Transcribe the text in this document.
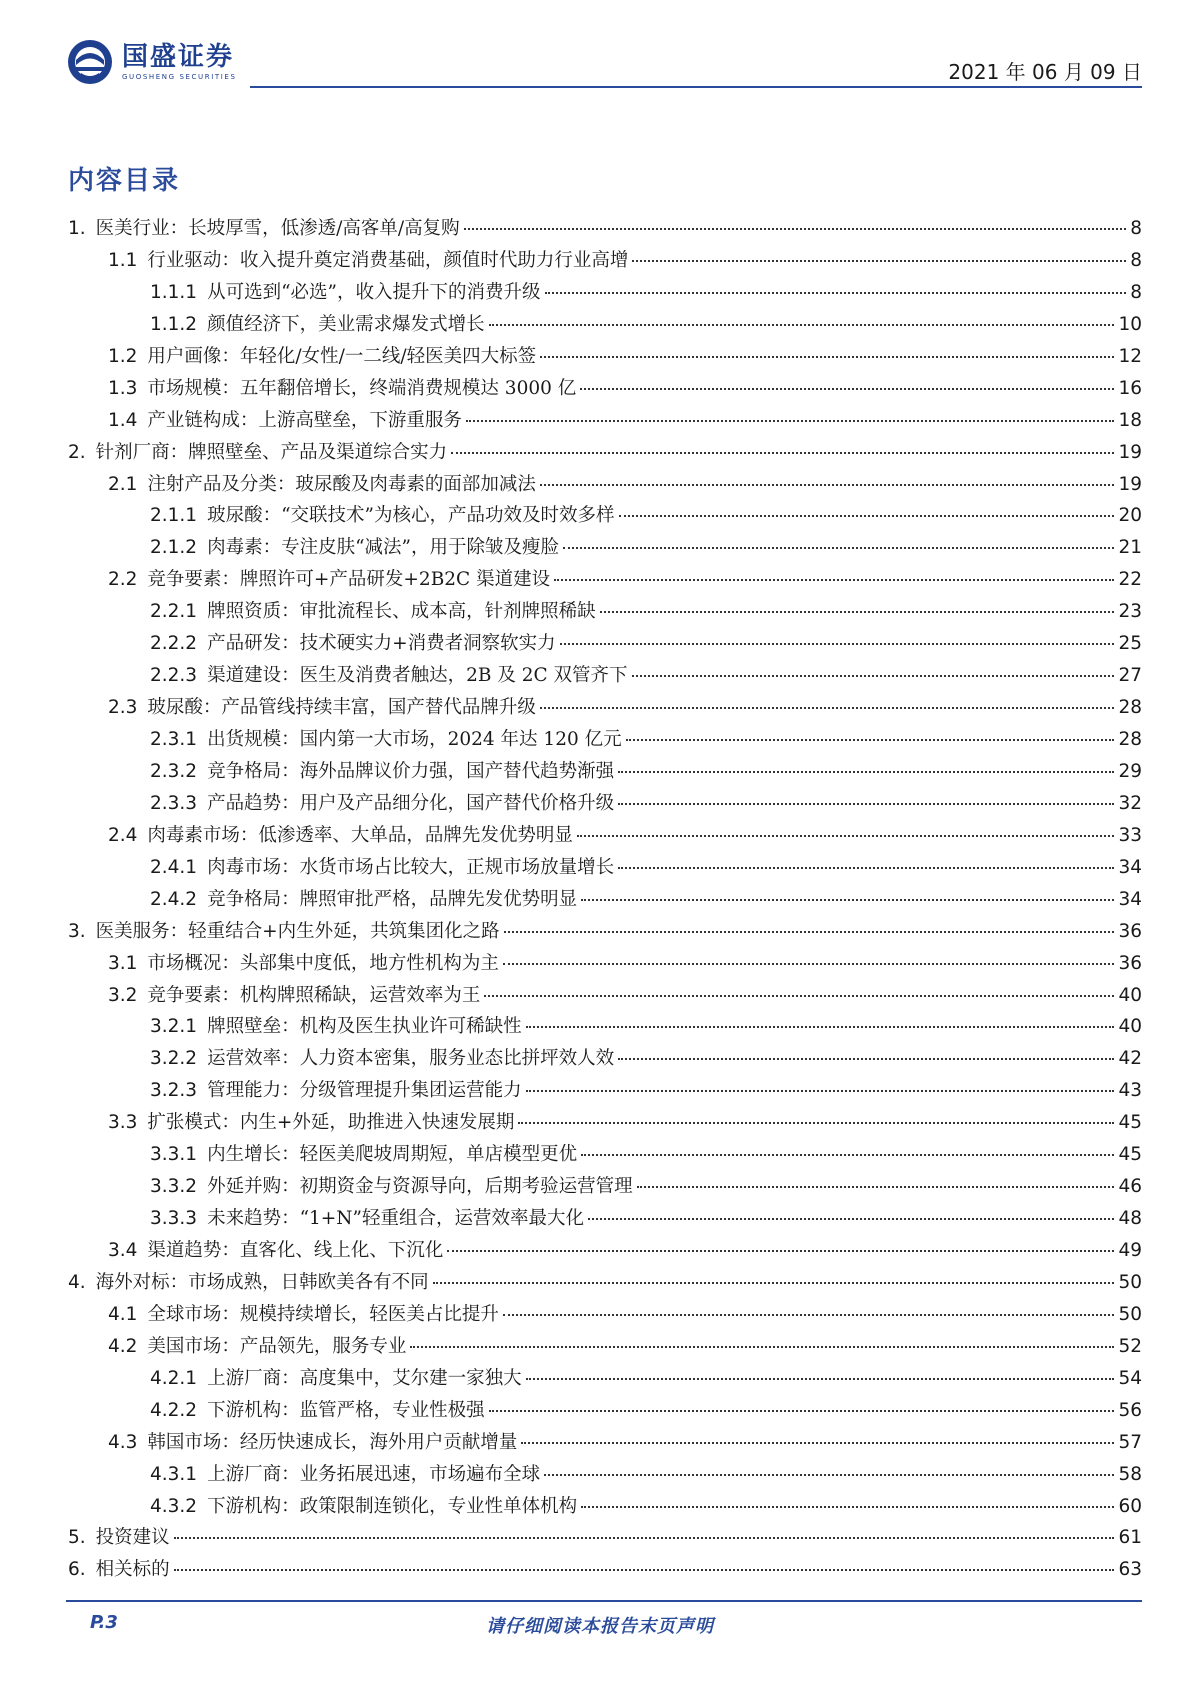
国盛证券
GUOSHENG SECURITIES	2021 年 06 月 09 日
内容目录
1. 医美行业：长坡厚雪，低渗透/高客单/高复购	8
1.1 行业驱动：收入提升奠定消费基础，颜值时代助力行业高增	8
1.1.1 从可选到“必选”，收入提升下的消费升级	8
1.1.2 颜值经济下，美业需求爆发式增长	10
1.2 用户画像：年轻化/女性/一二线/轻医美四大标签	12
1.3 市场规模：五年翻倍增长，终端消费规模达 3000 亿	16
1.4 产业链构成：上游高壁垒，下游重服务	18
2. 针剂厂商：牌照壁垒、产品及渠道综合实力	19
2.1 注射产品及分类：玻尿酸及肉毒素的面部加减法	19
2.1.1 玻尿酸：“交联技术”为核心，产品功效及时效多样	20
2.1.2 肉毒素：专注皮肤“减法”，用于除皱及瘦脸	21
2.2 竞争要素：牌照许可+产品研发+2B2C 渠道建设	22
2.2.1 牌照资质：审批流程长、成本高，针剂牌照稀缺	23
2.2.2 产品研发：技术硬实力+消费者洞察软实力	25
2.2.3 渠道建设：医生及消费者触达，2B 及 2C 双管齐下	27
2.3 玻尿酸：产品管线持续丰富，国产替代品牌升级	28
2.3.1 出货规模：国内第一大市场，2024 年达 120 亿元	28
2.3.2 竞争格局：海外品牌议价力强，国产替代趋势渐强	29
2.3.3 产品趋势：用户及产品细分化，国产替代价格升级	32
2.4 肉毒素市场：低渗透率、大单品，品牌先发优势明显	33
2.4.1 肉毒市场：水货市场占比较大，正规市场放量增长	34
2.4.2 竞争格局：牌照审批严格，品牌先发优势明显	34
3. 医美服务：轻重结合+内生外延，共筑集团化之路	36
3.1 市场概况：头部集中度低，地方性机构为主	36
3.2 竞争要素：机构牌照稀缺，运营效率为王	40
3.2.1 牌照壁垒：机构及医生执业许可稀缺性	40
3.2.2 运营效率：人力资本密集，服务业态比拼坪效人效	42
3.2.3 管理能力：分级管理提升集团运营能力	43
3.3 扩张模式：内生+外延，助推进入快速发展期	45
3.3.1 内生增长：轻医美爬坡周期短，单店模型更优	45
3.3.2 外延并购：初期资金与资源导向，后期考验运营管理	46
3.3.3 未来趋势：“1+N”轻重组合，运营效率最大化	48
3.4 渠道趋势：直客化、线上化、下沉化	49
4. 海外对标：市场成熟，日韩欧美各有不同	50
4.1 全球市场：规模持续增长，轻医美占比提升	50
4.2 美国市场：产品领先，服务专业	52
4.2.1 上游厂商：高度集中，艾尔建一家独大	54
4.2.2 下游机构：监管严格，专业性极强	56
4.3 韩国市场：经历快速成长，海外用户贡献增量	57
4.3.1 上游厂商：业务拓展迅速，市场遍布全球	58
4.3.2 下游机构：政策限制连锁化，专业性单体机构	60
5. 投资建议	61
6. 相关标的	63
P.3	请仔细阅读本报告末页声明
